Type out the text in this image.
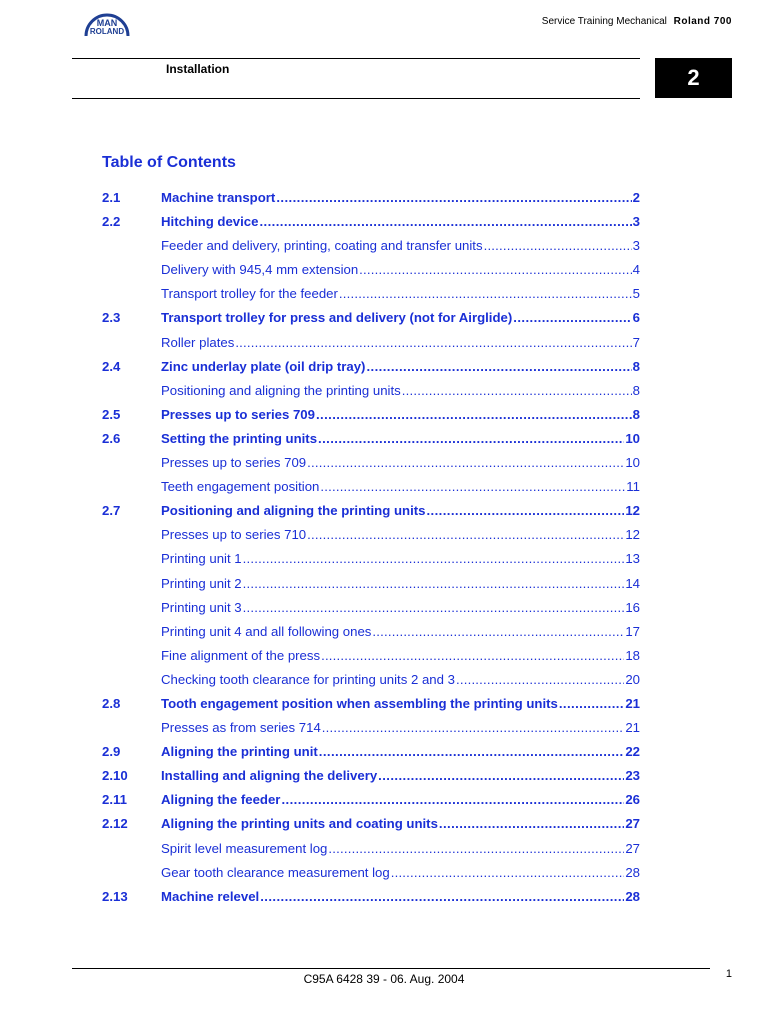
MAN
ROLAND
Service Training Mechanical Roland 700
Installation	2
Table of Contents
2.1	Machine transport .....	2
2.2	Hitching device .....	3
Feeder and delivery, printing, coating and transfer units .....	3
Delivery with 945,4 mm extension .....	4
Transport trolley for the feeder .....	5
2.3	Transport trolley for press and delivery (not for Airglide) .....	6
Roller plates .....	7
2.4	Zinc underlay plate (oil drip tray) .....	8
Positioning and aligning the printing units .....	8
2.5	Presses up to series 709 .....	8
2.6	Setting the printing units .....	10
Presses up to series 709 .....	10
Teeth engagement position .....	11
2.7	Positioning and aligning the printing units .....	12
Presses up to series 710 .....	12
Printing unit 1 .....	13
Printing unit 2 .....	14
Printing unit 3 .....	16
Printing unit 4 and all following ones .....	17
Fine alignment of the press .....	18
Checking tooth clearance for printing units 2 and 3 .....	20
2.8	Tooth engagement position when assembling the printing units .....	21
Presses as from series 714 .....	21
2.9	Aligning the printing unit .....	22
2.10	Installing and aligning the delivery .....	23
2.11	Aligning the feeder .....	26
2.12	Aligning the printing units and coating units .....	27
Spirit level measurement log .....	27
Gear tooth clearance measurement log .....	28
2.13	Machine relevel .....	28
C95A 6428 39 - 06. Aug. 2004	1
